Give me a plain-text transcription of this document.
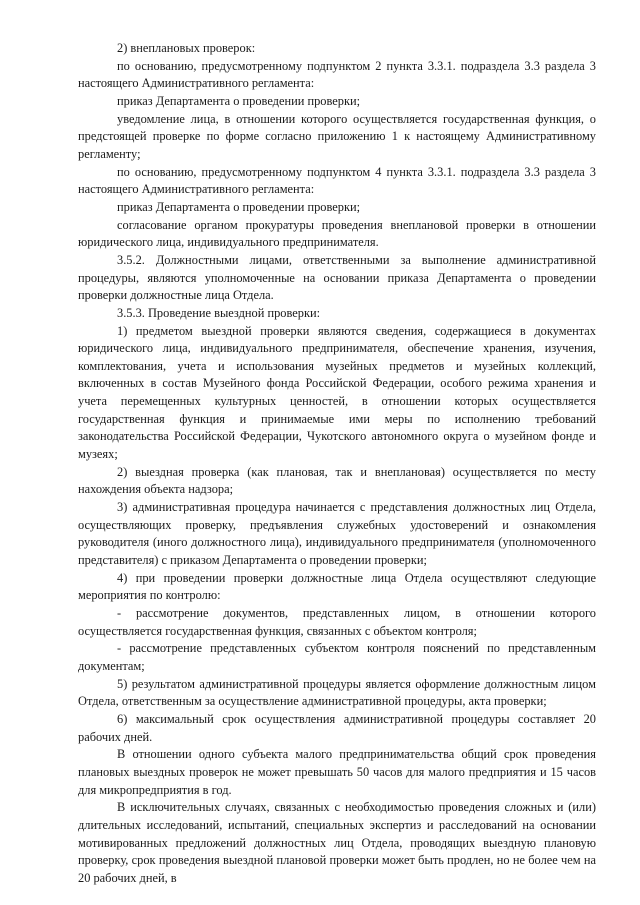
2) внеплановых проверок:

по основанию, предусмотренному подпунктом 2 пункта 3.3.1. подраздела 3.3 раздела 3 настоящего Административного регламента:

приказ Департамента о проведении проверки;

уведомление лица, в отношении которого осуществляется государственная функция, о предстоящей проверке по форме согласно приложению 1 к настоящему Административному регламенту;

по основанию, предусмотренному подпунктом 4 пункта 3.3.1. подраздела 3.3 раздела 3 настоящего Административного регламента:

приказ Департамента о проведении проверки;

согласование органом прокуратуры проведения внеплановой проверки в отношении юридического лица, индивидуального предпринимателя.

3.5.2. Должностными лицами, ответственными за выполнение административной процедуры, являются уполномоченные на основании приказа Департамента о проведении проверки должностные лица Отдела.

3.5.3. Проведение выездной проверки:

1) предметом выездной проверки являются сведения, содержащиеся в документах юридического лица, индивидуального предпринимателя, обеспечение хранения, изучения, комплектования, учета и использования музейных предметов и музейных коллекций, включенных в состав Музейного фонда Российской Федерации, особого режима хранения и учета перемещенных культурных ценностей, в отношении которых осуществляется государственная функция и принимаемые ими меры по исполнению требований законодательства Российской Федерации, Чукотского автономного округа о музейном фонде и музеях;

2) выездная проверка (как плановая, так и внеплановая) осуществляется по месту нахождения объекта надзора;

3) административная процедура начинается с представления должностных лиц Отдела, осуществляющих проверку, предъявления служебных удостоверений и ознакомления руководителя (иного должностного лица), индивидуального предпринимателя (уполномоченного представителя) с приказом Департамента о проведении проверки;

4) при проведении проверки должностные лица Отдела осуществляют следующие мероприятия по контролю:

- рассмотрение документов, представленных лицом, в отношении которого осуществляется государственная функция, связанных с объектом контроля;

- рассмотрение представленных субъектом контроля пояснений по представленным документам;

5) результатом административной процедуры является оформление должностным лицом Отдела, ответственным за осуществление административной процедуры, акта проверки;

6) максимальный срок осуществления административной процедуры составляет 20 рабочих дней.

В отношении одного субъекта малого предпринимательства общий срок проведения плановых выездных проверок не может превышать 50 часов для малого предприятия и 15 часов для микропредприятия в год.

В исключительных случаях, связанных с необходимостью проведения сложных и (или) длительных исследований, испытаний, специальных экспертиз и расследований на основании мотивированных предложений должностных лиц Отдела, проводящих выездную плановую проверку, срок проведения выездной плановой проверки может быть продлен, но не более чем на 20 рабочих дней, в
